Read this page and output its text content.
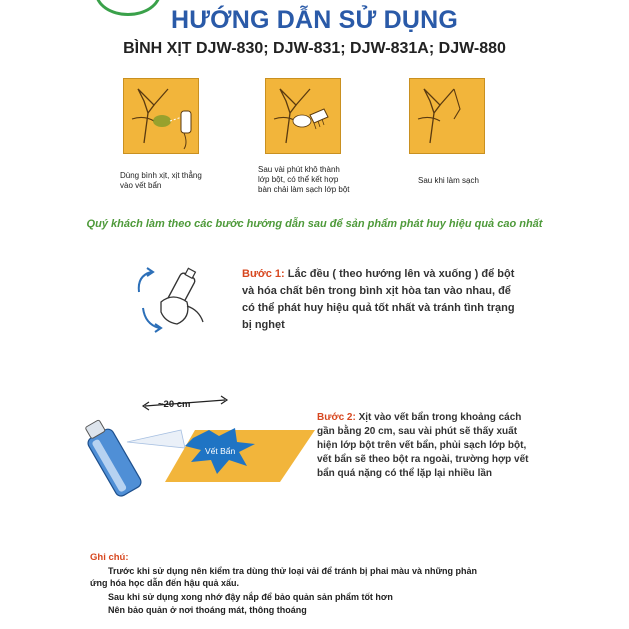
HƯỚNG DẪN SỬ DỤNG
BÌNH XỊT DJW-830; DJW-831; DJW-831A; DJW-880
Dùng bình xịt, xịt thẳng
vào vết bẩn
Sau vài phút khô thành
lớp bột, có thể kết hợp
bàn chải làm sạch lớp bột
Sau khi làm sạch
Quý khách làm theo các bước hướng dẫn sau để sản phẩm phát huy hiệu quả cao nhất
Bước 1: Lắc đều ( theo hướng lên và xuống ) để bột
và hóa chất bên trong bình xịt hòa tan vào nhau, để
có thể phát huy hiệu quả tốt nhất và tránh tình trạng
bị nghẹt
~20 cm
Vết Bẩn
Bước 2: Xịt vào vết bẩn trong khoảng cách
gần bằng 20 cm, sau vài phút sẽ thấy xuất
hiện lớp bột trên vết bẩn, phủi sạch lớp bột,
vết bẩn sẽ theo bột ra ngoài, trường hợp vết
bẩn quá nặng có thể lặp lại nhiều lần
Ghi chú:
Trước khi sử dụng nên kiểm tra dùng thử loại vải để tránh bị phai màu và những phản
ứng hóa học dẫn đến hậu quả xấu.
Sau khi sử dụng xong nhớ đậy nắp để bảo quản sản phẩm tốt hơn
Nên bảo quản ở nơi thoáng mát, thông thoáng
